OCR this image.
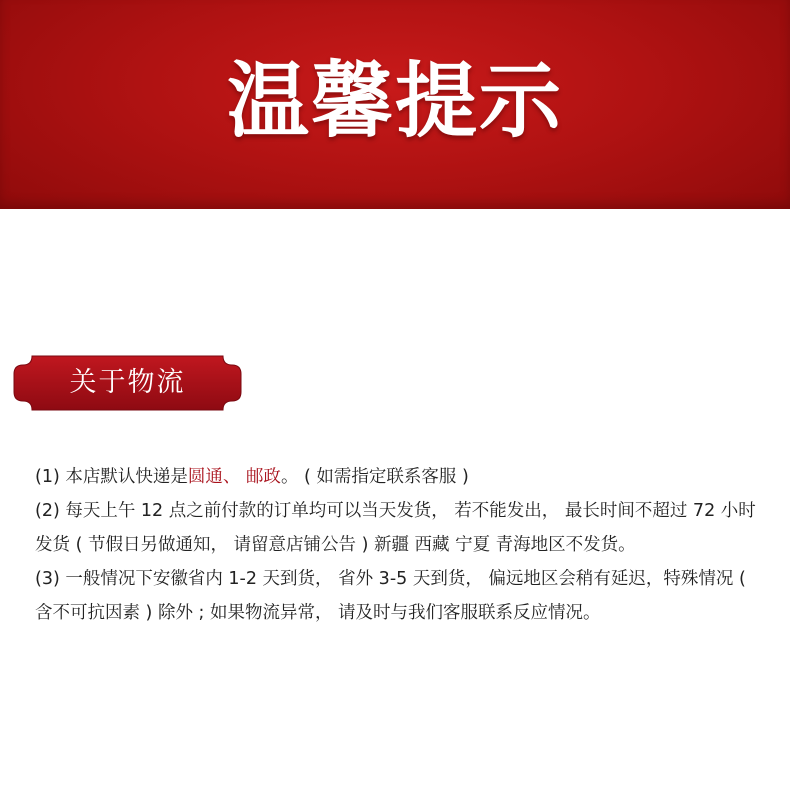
温馨提示
关于物流

(1) 本店默认快递是圆通、 邮政。 ( 如需指定联系客服 )

(2) 每天上午 12 点之前付款的订单均可以当天发货， 若不能发出， 最长时间不超过 72 小时发货 ( 节假日另做通知， 请留意店铺公告 ) 新疆 西藏 宁夏 青海地区不发货。

(3) 一般情况下安徽省内 1-2 天到货， 省外 3-5 天到货， 偏远地区会稍有延迟，特殊情况 ( 含不可抗因素 ) 除外 ; 如果物流异常， 请及时与我们客服联系反应情况。
